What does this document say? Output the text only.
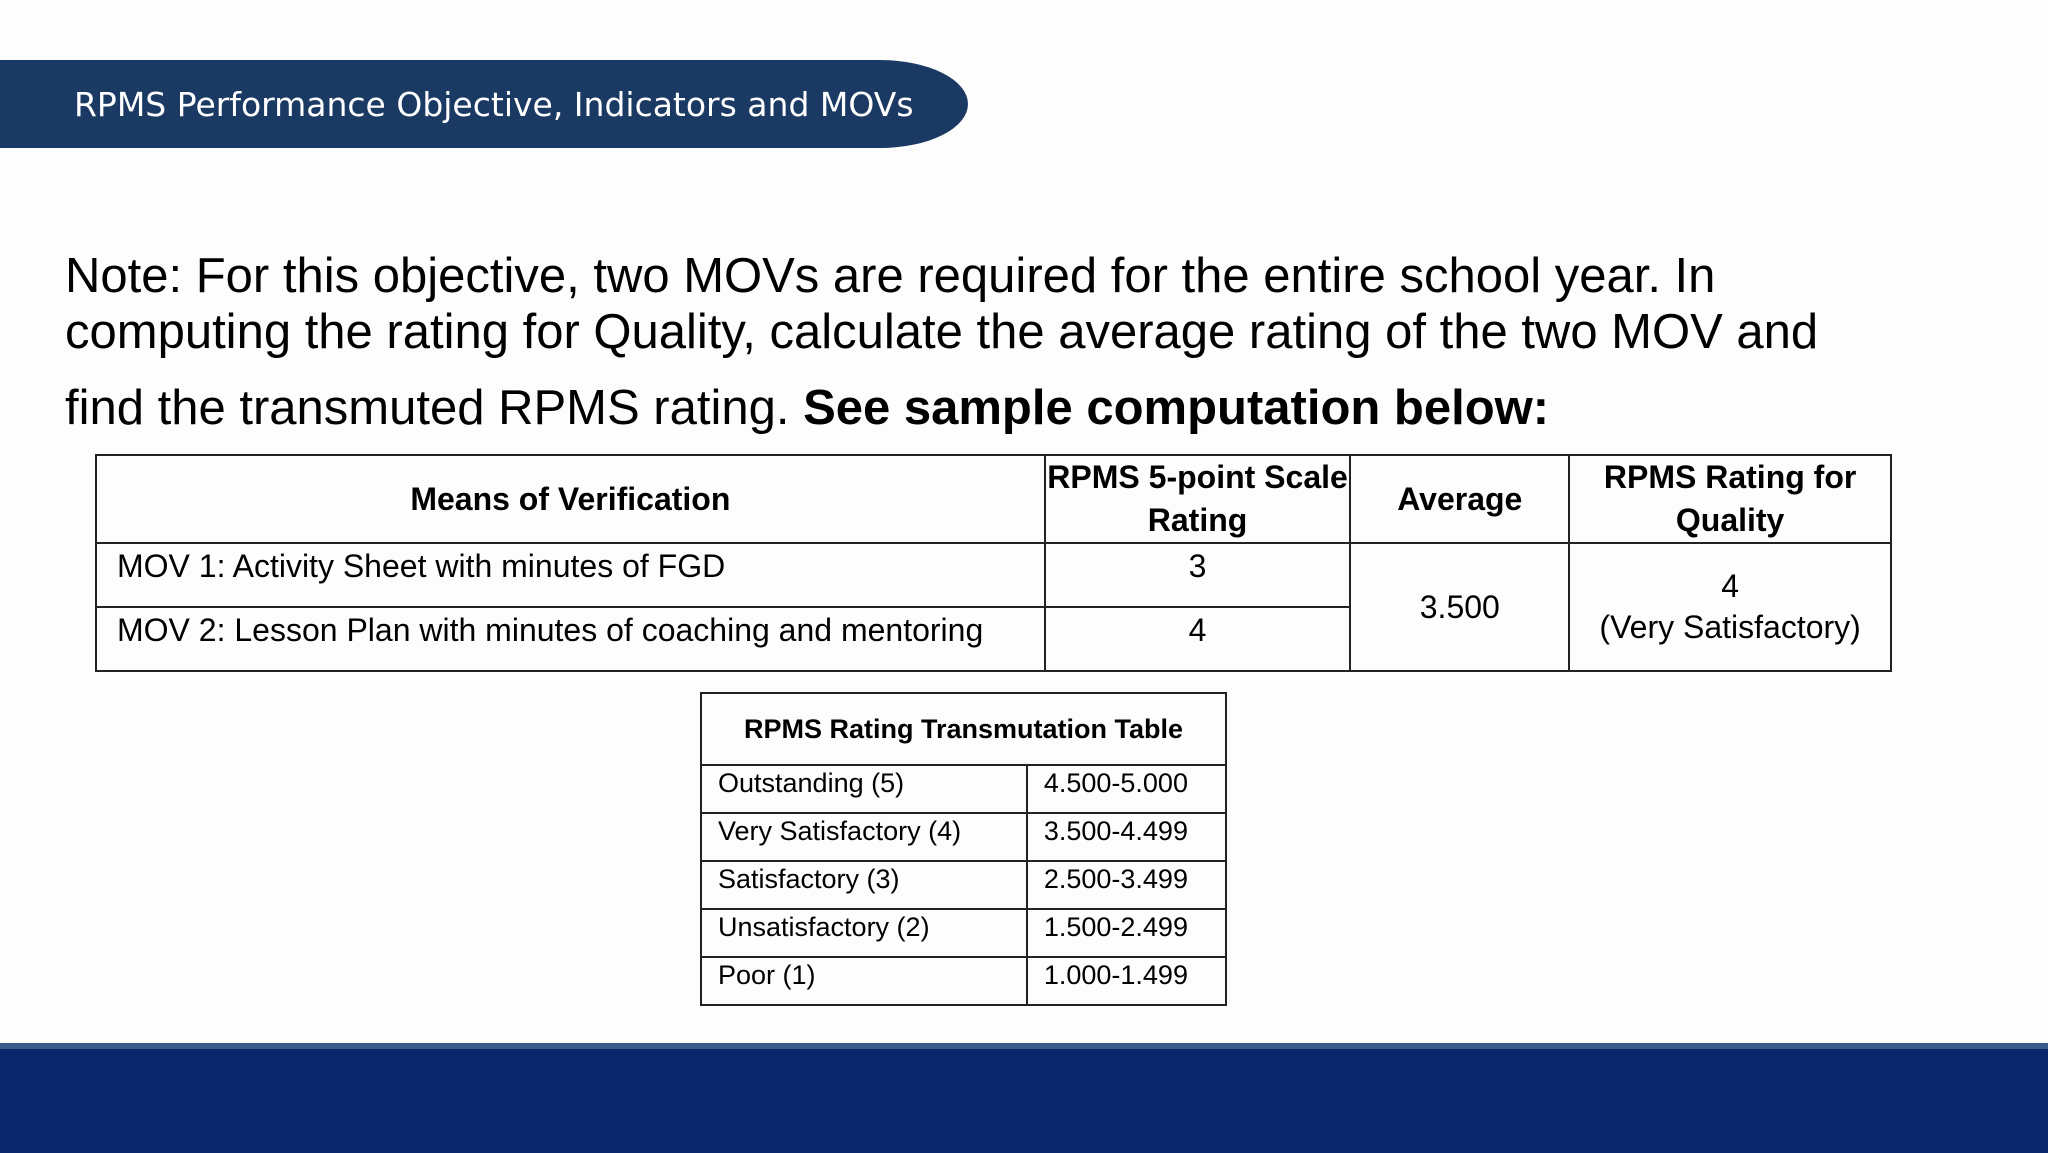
RPMS Performance Objective, Indicators and MOVs
Note: For this objective, two MOVs are required for the entire school year. In
computing the rating for Quality, calculate the average rating of the two MOV and
find the transmuted RPMS rating. See sample computation below:
Means of Verification	RPMS 5-point Scale Rating	Average	RPMS Rating for Quality
MOV 1: Activity Sheet with minutes of FGD	3	3.500	4
(Very Satisfactory)
MOV 2: Lesson Plan with minutes of coaching and mentoring	4		
RPMS Rating Transmutation Table	
Outstanding (5)	4.500-5.000
Very Satisfactory (4)	3.500-4.499
Satisfactory (3)	2.500-3.499
Unsatisfactory (2)	1.500-2.499
Poor (1)	1.000-1.499
